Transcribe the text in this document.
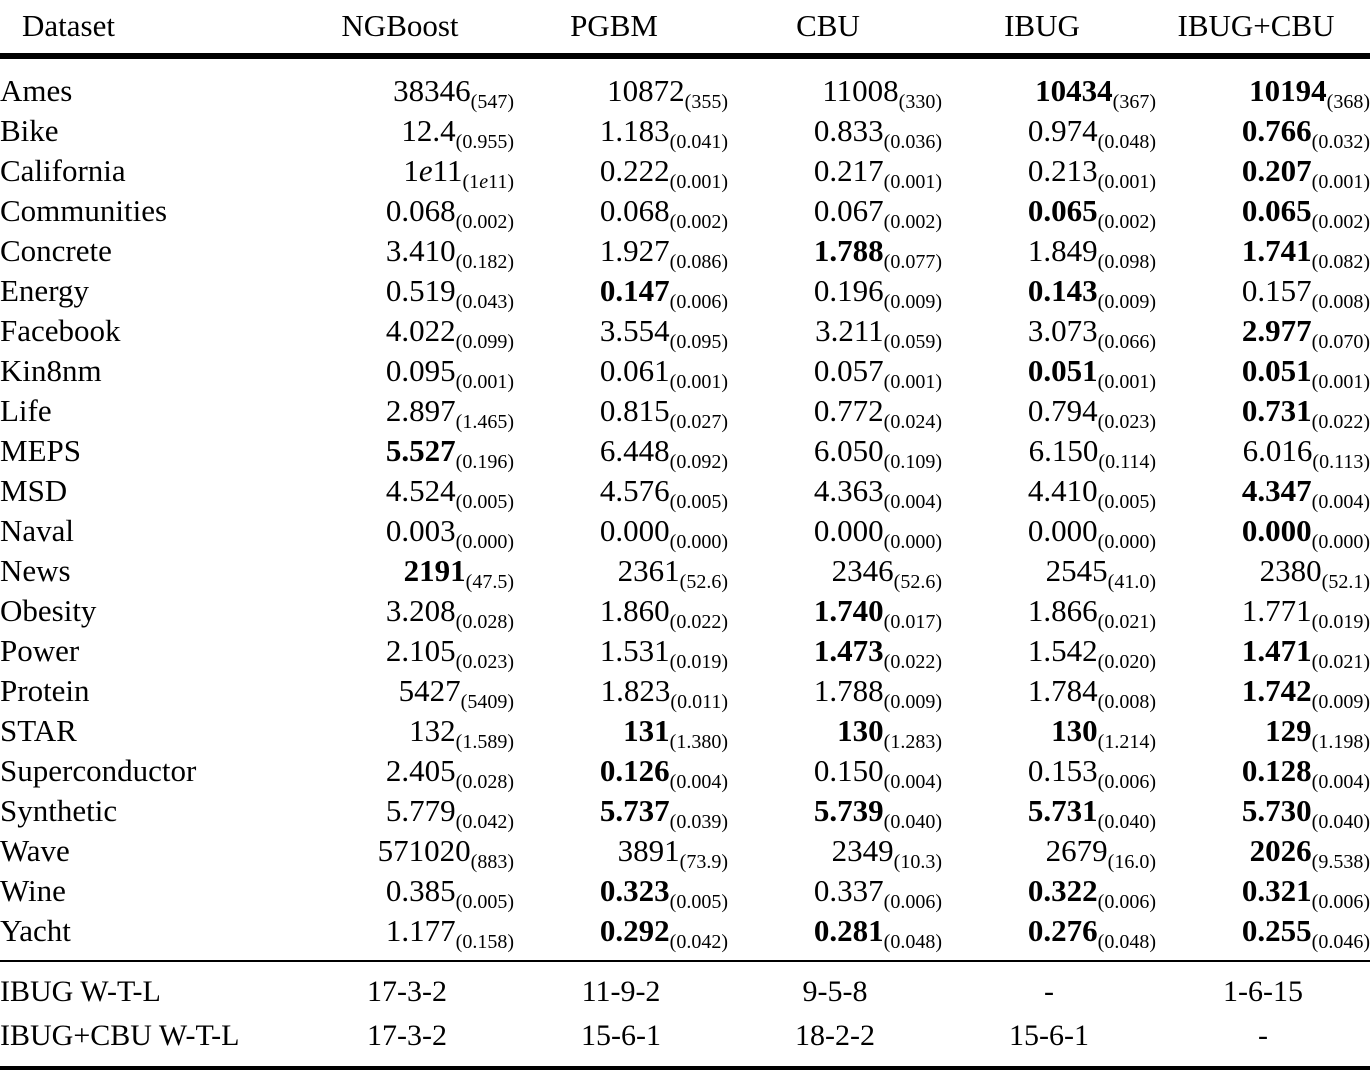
Dataset	NGBoost	PGBM	CBU	IBUG	IBUG+CBU

Ames	$38346_{(547)}$	$10872_{(355)}$	$11008_{(330)}$	$10434_{(367)}$	$10194_{(368)}$
Bike	$12.4_{(0.955)}$	$1.183_{(0.041)}$	$0.833_{(0.036)}$	$0.974_{(0.048)}$	$0.766_{(0.032)}$
California	$1e11_{(1e11)}$	$0.222_{(0.001)}$	$0.217_{(0.001)}$	$0.213_{(0.001)}$	$0.207_{(0.001)}$
Communities	$0.068_{(0.002)}$	$0.068_{(0.002)}$	$0.067_{(0.002)}$	$0.065_{(0.002)}$	$0.065_{(0.002)}$
Concrete	$3.410_{(0.182)}$	$1.927_{(0.086)}$	$1.788_{(0.077)}$	$1.849_{(0.098)}$	$1.741_{(0.082)}$
Energy	$0.519_{(0.043)}$	$0.147_{(0.006)}$	$0.196_{(0.009)}$	$0.143_{(0.009)}$	$0.157_{(0.008)}$
Facebook	$4.022_{(0.099)}$	$3.554_{(0.095)}$	$3.211_{(0.059)}$	$3.073_{(0.066)}$	$2.977_{(0.070)}$
Kin8nm	$0.095_{(0.001)}$	$0.061_{(0.001)}$	$0.057_{(0.001)}$	$0.051_{(0.001)}$	$0.051_{(0.001)}$
Life	$2.897_{(1.465)}$	$0.815_{(0.027)}$	$0.772_{(0.024)}$	$0.794_{(0.023)}$	$0.731_{(0.022)}$
MEPS	$5.527_{(0.196)}$	$6.448_{(0.092)}$	$6.050_{(0.109)}$	$6.150_{(0.114)}$	$6.016_{(0.113)}$
MSD	$4.524_{(0.005)}$	$4.576_{(0.005)}$	$4.363_{(0.004)}$	$4.410_{(0.005)}$	$4.347_{(0.004)}$
Naval	$0.003_{(0.000)}$	$0.000_{(0.000)}$	$0.000_{(0.000)}$	$0.000_{(0.000)}$	$0.000_{(0.000)}$
News	$2191_{(47.5)}$	$2361_{(52.6)}$	$2346_{(52.6)}$	$2545_{(41.0)}$	$2380_{(52.1)}$
Obesity	$3.208_{(0.028)}$	$1.860_{(0.022)}$	$1.740_{(0.017)}$	$1.866_{(0.021)}$	$1.771_{(0.019)}$
Power	$2.105_{(0.023)}$	$1.531_{(0.019)}$	$1.473_{(0.022)}$	$1.542_{(0.020)}$	$1.471_{(0.021)}$
Protein	$5427_{(5409)}$	$1.823_{(0.011)}$	$1.788_{(0.009)}$	$1.784_{(0.008)}$	$1.742_{(0.009)}$
STAR	$132_{(1.589)}$	$131_{(1.380)}$	$130_{(1.283)}$	$130_{(1.214)}$	$129_{(1.198)}$
Superconductor	$2.405_{(0.028)}$	$0.126_{(0.004)}$	$0.150_{(0.004)}$	$0.153_{(0.006)}$	$0.128_{(0.004)}$
Synthetic	$5.779_{(0.042)}$	$5.737_{(0.039)}$	$5.739_{(0.040)}$	$5.731_{(0.040)}$	$5.730_{(0.040)}$
Wave	$571020_{(883)}$	$3891_{(73.9)}$	$2349_{(10.3)}$	$2679_{(16.0)}$	$2026_{(9.538)}$
Wine	$0.385_{(0.005)}$	$0.323_{(0.005)}$	$0.337_{(0.006)}$	$0.322_{(0.006)}$	$0.321_{(0.006)}$
Yacht	$1.177_{(0.158)}$	$0.292_{(0.042)}$	$0.281_{(0.048)}$	$0.276_{(0.048)}$	$0.255_{(0.046)}$

IBUG W-T-L	17-3-2	11-9-2	9-5-8	-	1-6-15
IBUG+CBU W-T-L	17-3-2	15-6-1	18-2-2	15-6-1	-
